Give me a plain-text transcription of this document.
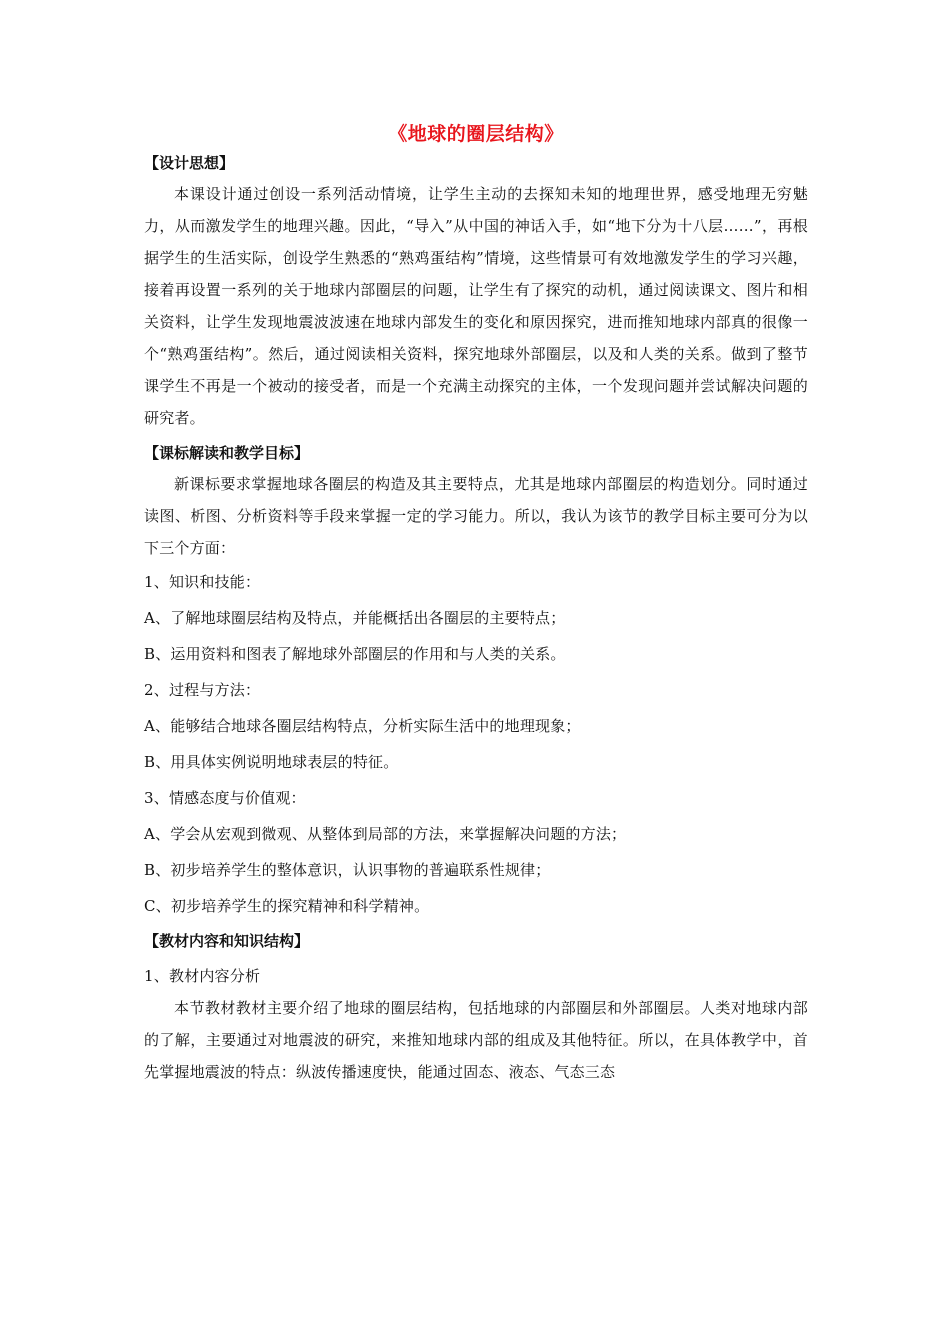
《地球的圈层结构》
【设计思想】

本课设计通过创设一系列活动情境，让学生主动的去探知未知的地理世界，感受地理无穷魅力，从而激发学生的地理兴趣。因此，“导入”从中国的神话入手，如“地下分为十八层……”，再根据学生的生活实际，创设学生熟悉的“熟鸡蛋结构”情境，这些情景可有效地激发学生的学习兴趣，接着再设置一系列的关于地球内部圈层的问题，让学生有了探究的动机，通过阅读课文、图片和相关资料，让学生发现地震波波速在地球内部发生的变化和原因探究，进而推知地球内部真的很像一个“熟鸡蛋结构”。然后，通过阅读相关资料，探究地球外部圈层，以及和人类的关系。做到了整节课学生不再是一个被动的接受者，而是一个充满主动探究的主体，一个发现问题并尝试解决问题的研究者。

【课标解读和教学目标】

新课标要求掌握地球各圈层的构造及其主要特点，尤其是地球内部圈层的构造划分。同时通过读图、析图、分析资料等手段来掌握一定的学习能力。所以，我认为该节的教学目标主要可分为以下三个方面：

1、知识和技能：
A、了解地球圈层结构及特点，并能概括出各圈层的主要特点；
B、运用资料和图表了解地球外部圈层的作用和与人类的关系。
2、过程与方法：
A、能够结合地球各圈层结构特点，分析实际生活中的地理现象；
B、用具体实例说明地球表层的特征。
3、情感态度与价值观：
A、学会从宏观到微观、从整体到局部的方法，来掌握解决问题的方法；
B、初步培养学生的整体意识，认识事物的普遍联系性规律；
C、初步培养学生的探究精神和科学精神。
【教材内容和知识结构】
1、教材内容分析

本节教材教材主要介绍了地球的圈层结构，包括地球的内部圈层和外部圈层。人类对地球内部的了解，主要通过对地震波的研究，来推知地球内部的组成及其他特征。所以，在具体教学中，首先掌握地震波的特点：纵波传播速度快，能通过固态、液态、气态三态
